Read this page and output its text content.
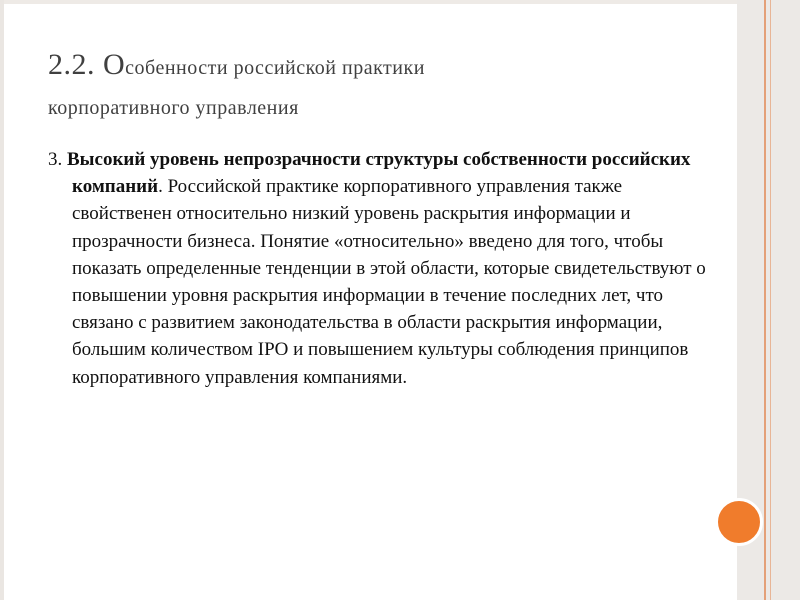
2.2. Особенности российской практики
корпоративного управления

3. Высокий уровень непрозрачности структуры собственности российских компаний. Российской практике корпоративного управления также свойственен относительно низкий уровень раскрытия информации и прозрачности бизнеса. Понятие «относительно» введено для того, чтобы показать определенные тенденции в этой области, которые свидетельствуют о повышении уровня раскрытия информации в течение последних лет, что связано с развитием законодательства в области раскрытия информации, большим количеством IPO и повышением культуры соблюдения принципов корпоративного управления компаниями.
